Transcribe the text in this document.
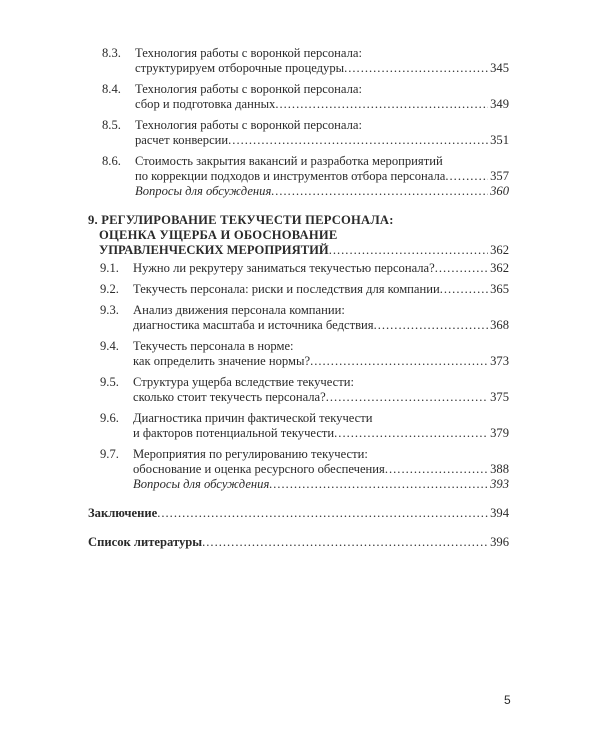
8.3.	Технология работы с воронкой персонала:
структурируем отборочные процедуры .....	345
8.4.	Технология работы с воронкой персонала:
сбор и подготовка данных .....	349
8.5.	Технология работы с воронкой персонала:
расчет конверсии .....	351
8.6.	Стоимость закрытия вакансий и разработка мероприятий
по коррекции подходов и инструментов отбора персонала .....	357
Вопросы для обсуждения .....	360
9. РЕГУЛИРОВАНИЕ ТЕКУЧЕСТИ ПЕРСОНАЛА:
ОЦЕНКА УЩЕРБА И ОБОСНОВАНИЕ
УПРАВЛЕНЧЕСКИХ МЕРОПРИЯТИЙ .....	362
9.1.	Нужно ли рекрутеру заниматься текучестью персонала? .....	362
9.2.	Текучесть персонала: риски и последствия для компании .....	365
9.3.	Анализ движения персонала компании:
диагностика масштаба и источника бедствия .....	368
9.4.	Текучесть персонала в норме:
как определить значение нормы? .....	373
9.5.	Структура ущерба вследствие текучести:
сколько стоит текучесть персонала? .....	375
9.6.	Диагностика причин фактической текучести
и факторов потенциальной текучести .....	379
9.7.	Мероприятия по регулированию текучести:
обоснование и оценка ресурсного обеспечения .....	388
Вопросы для обсуждения .....	393
Заключение .....	394
Список литературы .....	396
5
